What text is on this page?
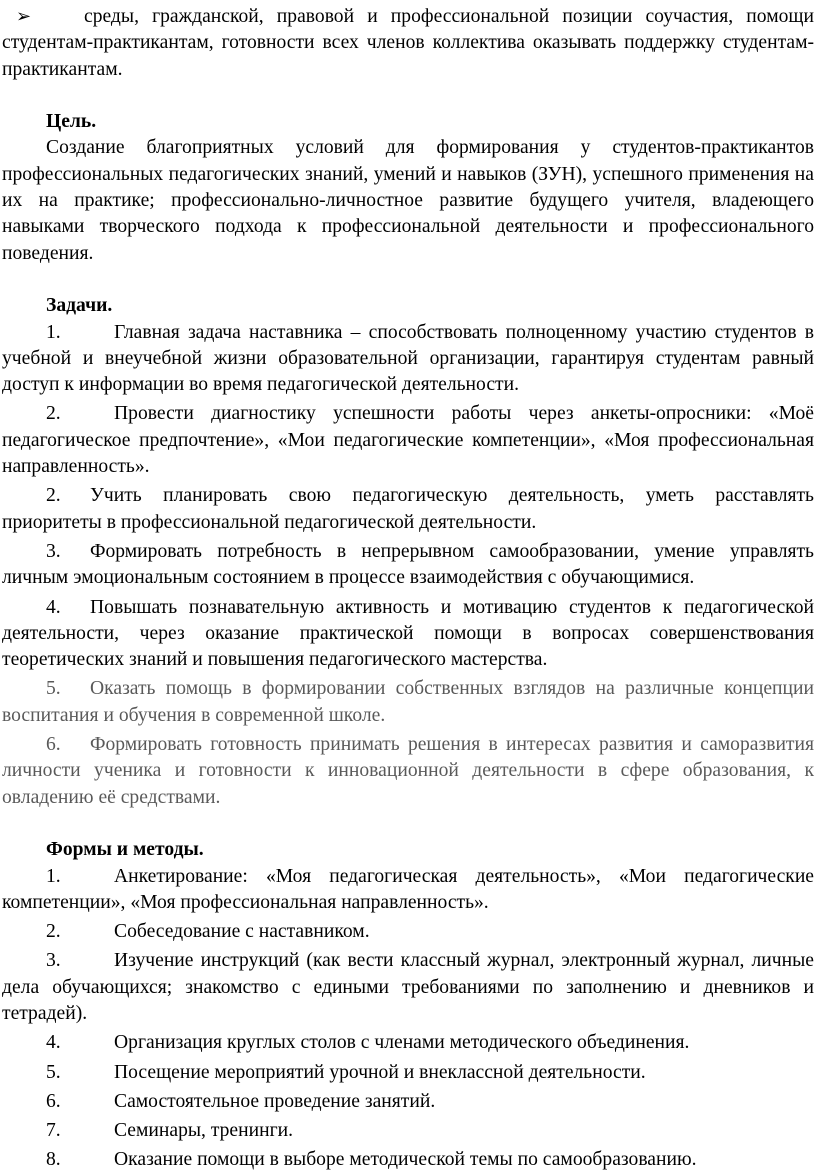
➢	среды, гражданской, правовой и профессиональной позиции соучастия, помощи студентам-практикантам, готовности всех членов коллектива оказывать поддержку студентам-практикантам.

Цель.

Создание благоприятных условий для формирования у студентов-практикантов профессиональных педагогических знаний, умений и навыков (ЗУН), успешного применения на их на практике; профессионально-личностное развитие будущего учителя, владеющего навыками творческого подхода к профессиональной деятельности и профессионального поведения.

Задачи.

1.	Главная задача наставника – способствовать полноценному участию студентов в учебной и внеучебной жизни образовательной организации, гарантируя студентам равный доступ к информации во время педагогической деятельности.

2.	Провести диагностику успешности работы через анкеты-опросники: «Моё педагогическое предпочтение», «Мои педагогические компетенции», «Моя профессиональная направленность».

2. Учить планировать свою педагогическую деятельность, уметь расставлять приоритеты в профессиональной педагогической деятельности.

3. Формировать потребность в непрерывном самообразовании, умение управлять личным эмоциональным состоянием в процессе взаимодействия с обучающимися.

4. Повышать познавательную активность и мотивацию студентов к педагогической деятельности, через оказание практической помощи в вопросах совершенствования теоретических знаний и повышения педагогического мастерства.

5. Оказать помощь в формировании собственных взглядов на различные концепции воспитания и обучения в современной школе.

6. Формировать готовность принимать решения в интересах развития и саморазвития личности ученика и готовности к инновационной деятельности в сфере образования, к овладению её средствами.

Формы и методы.

1.	Анкетирование: «Моя педагогическая деятельность», «Мои педагогические компетенции», «Моя профессиональная направленность».

2.	Собеседование с наставником.

3.	Изучение инструкций (как вести классный журнал, электронный журнал, личные дела обучающихся; знакомство с едиными требованиями по заполнению и дневников и тетрадей).

4.	Организация круглых столов с членами методического объединения.

5.	Посещение мероприятий урочной и внеклассной деятельности.

6.	Самостоятельное проведение занятий.

7.	Семинары, тренинги.

8.	Оказание помощи в выборе методической темы по самообразованию.
